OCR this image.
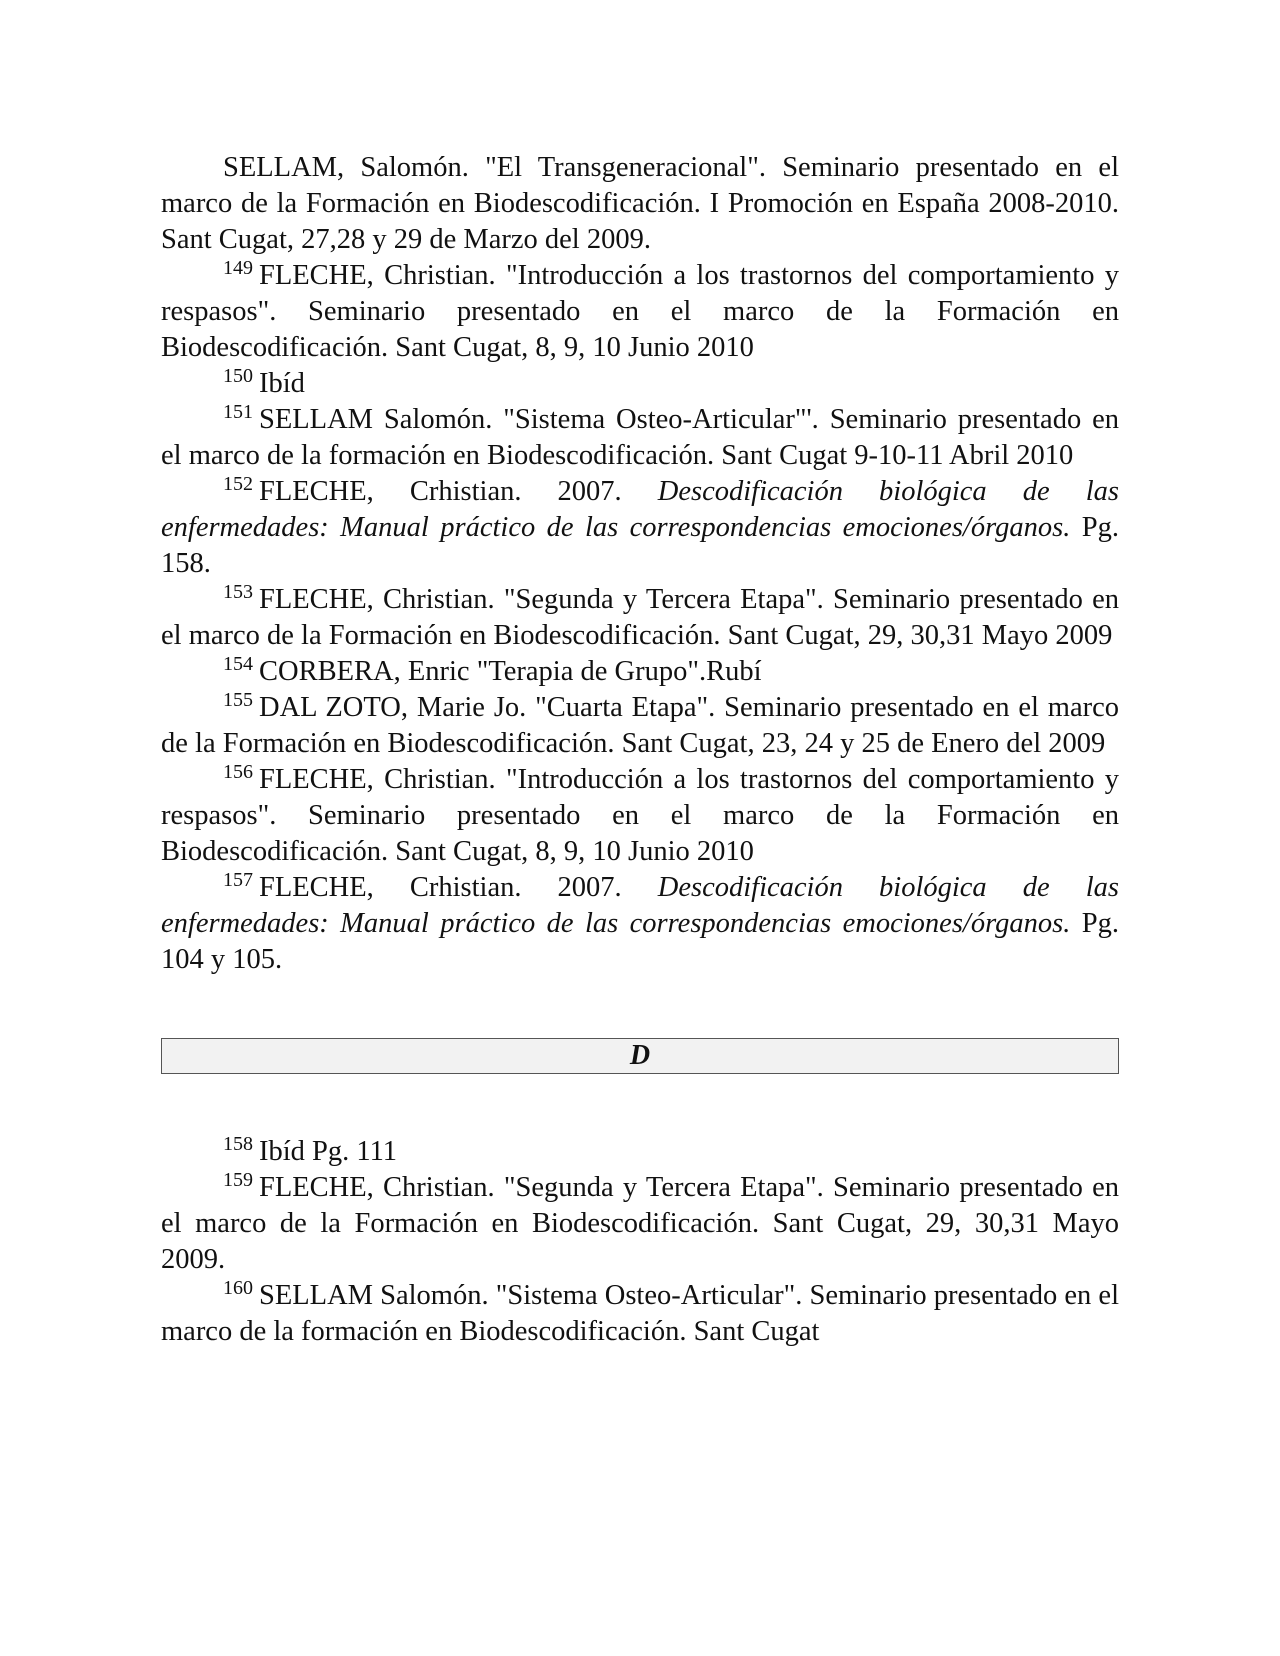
SELLAM, Salomón. "El Transgeneracional". Seminario presentado en el marco de la Formación en Biodescodificación. I Promoción en España 2008-2010. Sant Cugat, 27,28 y 29 de Marzo del 2009.

$^{149}$ FLECHE, Christian. "Introducción a los trastornos del comportamiento y respasos". Seminario presentado en el marco de la Formación en Biodescodificación. Sant Cugat, 8, 9, 10 Junio 2010

$^{150}$ Ibíd

$^{151}$ SELLAM Salomón. "Sistema Osteo-Articular"'. Seminario presentado en el marco de la formación en Biodescodificación. Sant Cugat 9-10-11 Abril 2010

$^{152}$ FLECHE, Crhistian. 2007. Descodificación biológica de las enfermedades: Manual práctico de las correspondencias emociones/órganos. Pg. 158.

$^{153}$ FLECHE, Christian. "Segunda y Tercera Etapa". Seminario presentado en el marco de la Formación en Biodescodificación. Sant Cugat, 29, 30,31 Mayo 2009

$^{154}$ CORBERA, Enric "Terapia de Grupo".Rubí

$^{155}$ DAL ZOTO, Marie Jo. "Cuarta Etapa". Seminario presentado en el marco de la Formación en Biodescodificación. Sant Cugat, 23, 24 y 25 de Enero del 2009

$^{156}$ FLECHE, Christian. "Introducción a los trastornos del comportamiento y respasos". Seminario presentado en el marco de la Formación en Biodescodificación. Sant Cugat, 8, 9, 10 Junio 2010

$^{157}$ FLECHE, Crhistian. 2007. Descodificación biológica de las enfermedades: Manual práctico de las correspondencias emociones/órganos. Pg. 104 y 105.

D

$^{158}$ Ibíd Pg. 111

$^{159}$ FLECHE, Christian. "Segunda y Tercera Etapa". Seminario presentado en el marco de la Formación en Biodescodificación. Sant Cugat, 29, 30,31 Mayo 2009.

$^{160}$ SELLAM Salomón. "Sistema Osteo-Articular". Seminario presentado en el marco de la formación en Biodescodificación. Sant Cugat
